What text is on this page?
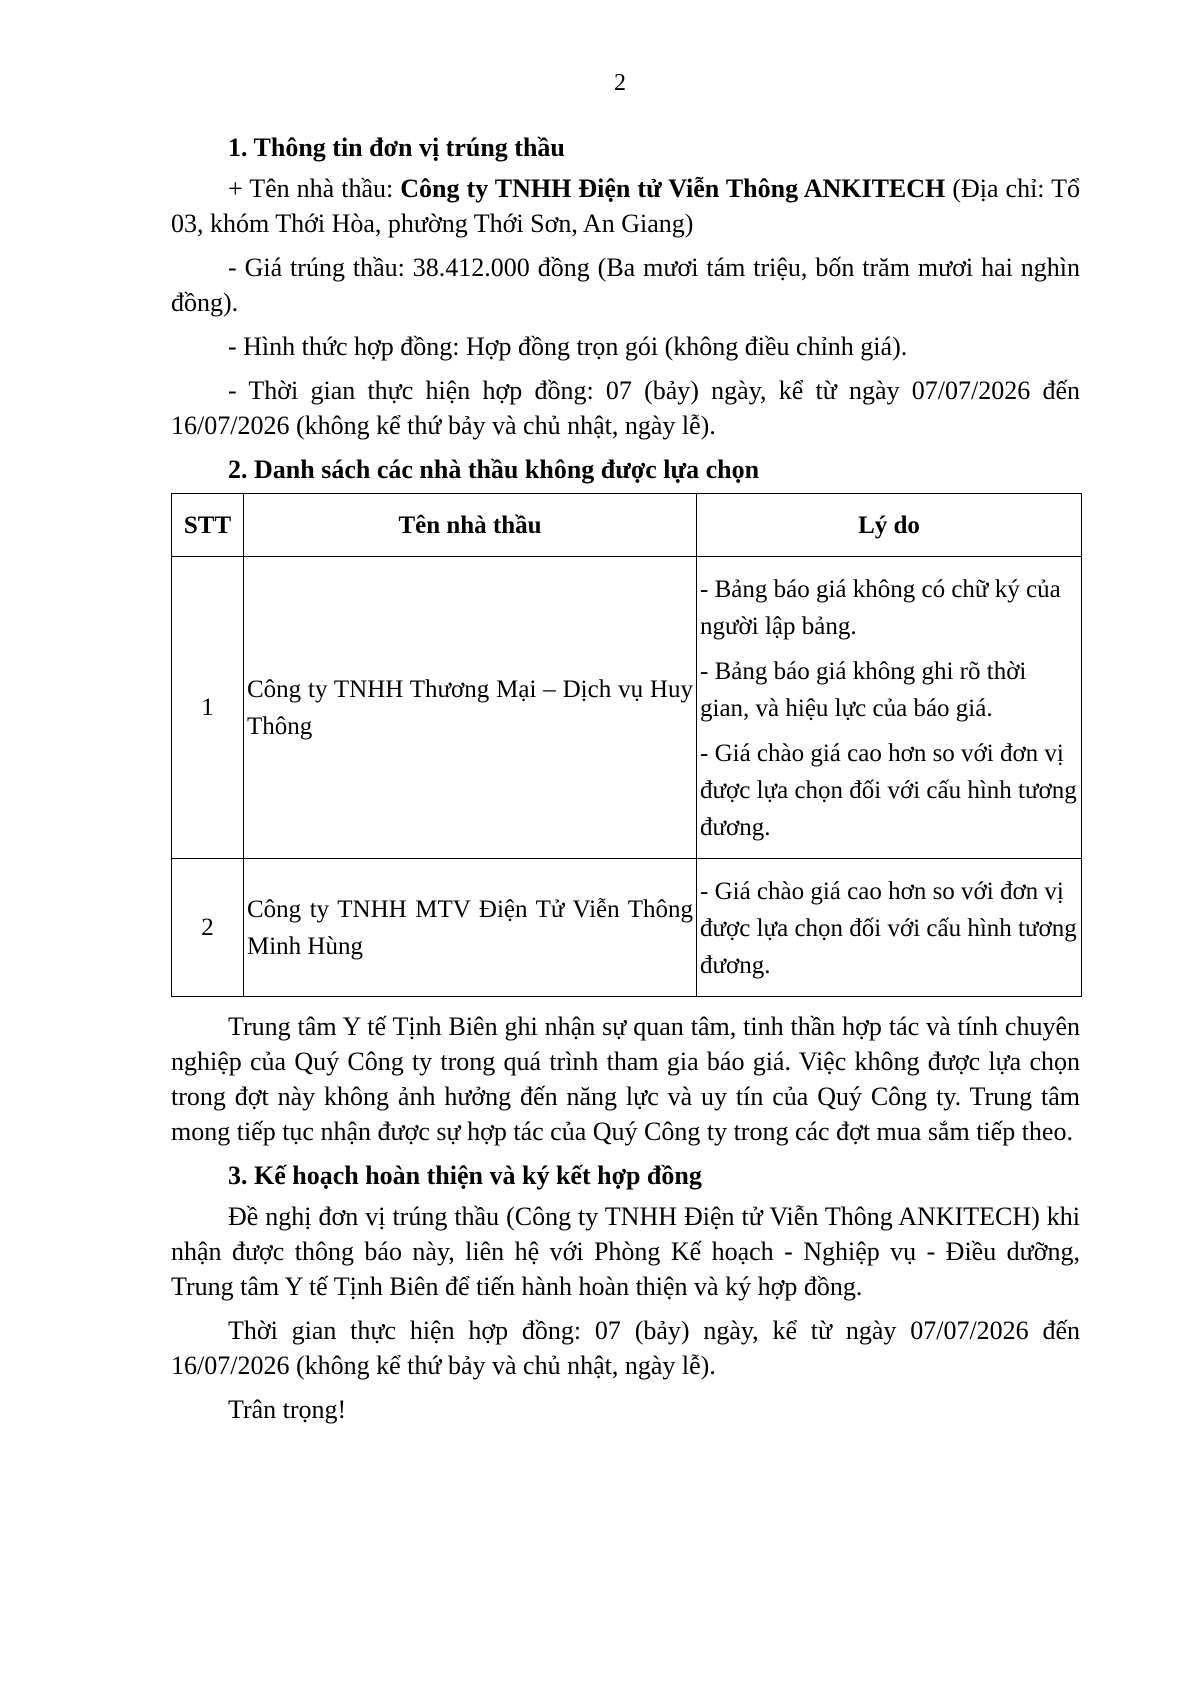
2
1. Thông tin đơn vị trúng thầu
+ Tên nhà thầu: Công ty TNHH Điện tử Viễn Thông ANKITECH (Địa chỉ: Tổ 03, khóm Thới Hòa, phường Thới Sơn, An Giang)
- Giá trúng thầu: 38.412.000 đồng (Ba mươi tám triệu, bốn trăm mươi hai nghìn đồng).
- Hình thức hợp đồng: Hợp đồng trọn gói (không điều chỉnh giá).
- Thời gian thực hiện hợp đồng: 07 (bảy) ngày, kể từ ngày 07/07/2026 đến 16/07/2026 (không kể thứ bảy và chủ nhật, ngày lễ).
2. Danh sách các nhà thầu không được lựa chọn
STT	Tên nhà thầu	Lý do
1	Công ty TNHH Thương Mại – Dịch vụ Huy Thông	- Bảng báo giá không có chữ ký của người lập bảng.
- Bảng báo giá không ghi rõ thời gian, và hiệu lực của báo giá.
- Giá chào giá cao hơn so với đơn vị được lựa chọn đối với cấu hình tương đương.

2	Công ty TNHH MTV Điện Tử Viễn Thông Minh Hùng	- Giá chào giá cao hơn so với đơn vị được lựa chọn đối với cấu hình tương đương.
Trung tâm Y tế Tịnh Biên ghi nhận sự quan tâm, tinh thần hợp tác và tính chuyên nghiệp của Quý Công ty trong quá trình tham gia báo giá. Việc không được lựa chọn trong đợt này không ảnh hưởng đến năng lực và uy tín của Quý Công ty. Trung tâm mong tiếp tục nhận được sự hợp tác của Quý Công ty trong các đợt mua sắm tiếp theo.
3. Kế hoạch hoàn thiện và ký kết hợp đồng
Đề nghị đơn vị trúng thầu (Công ty TNHH Điện tử Viễn Thông ANKITECH) khi nhận được thông báo này, liên hệ với Phòng Kế hoạch - Nghiệp vụ - Điều dưỡng, Trung tâm Y tế Tịnh Biên để tiến hành hoàn thiện và ký hợp đồng.
Thời gian thực hiện hợp đồng: 07 (bảy) ngày, kể từ ngày 07/07/2026 đến 16/07/2026 (không kể thứ bảy và chủ nhật, ngày lễ).
Trân trọng!
